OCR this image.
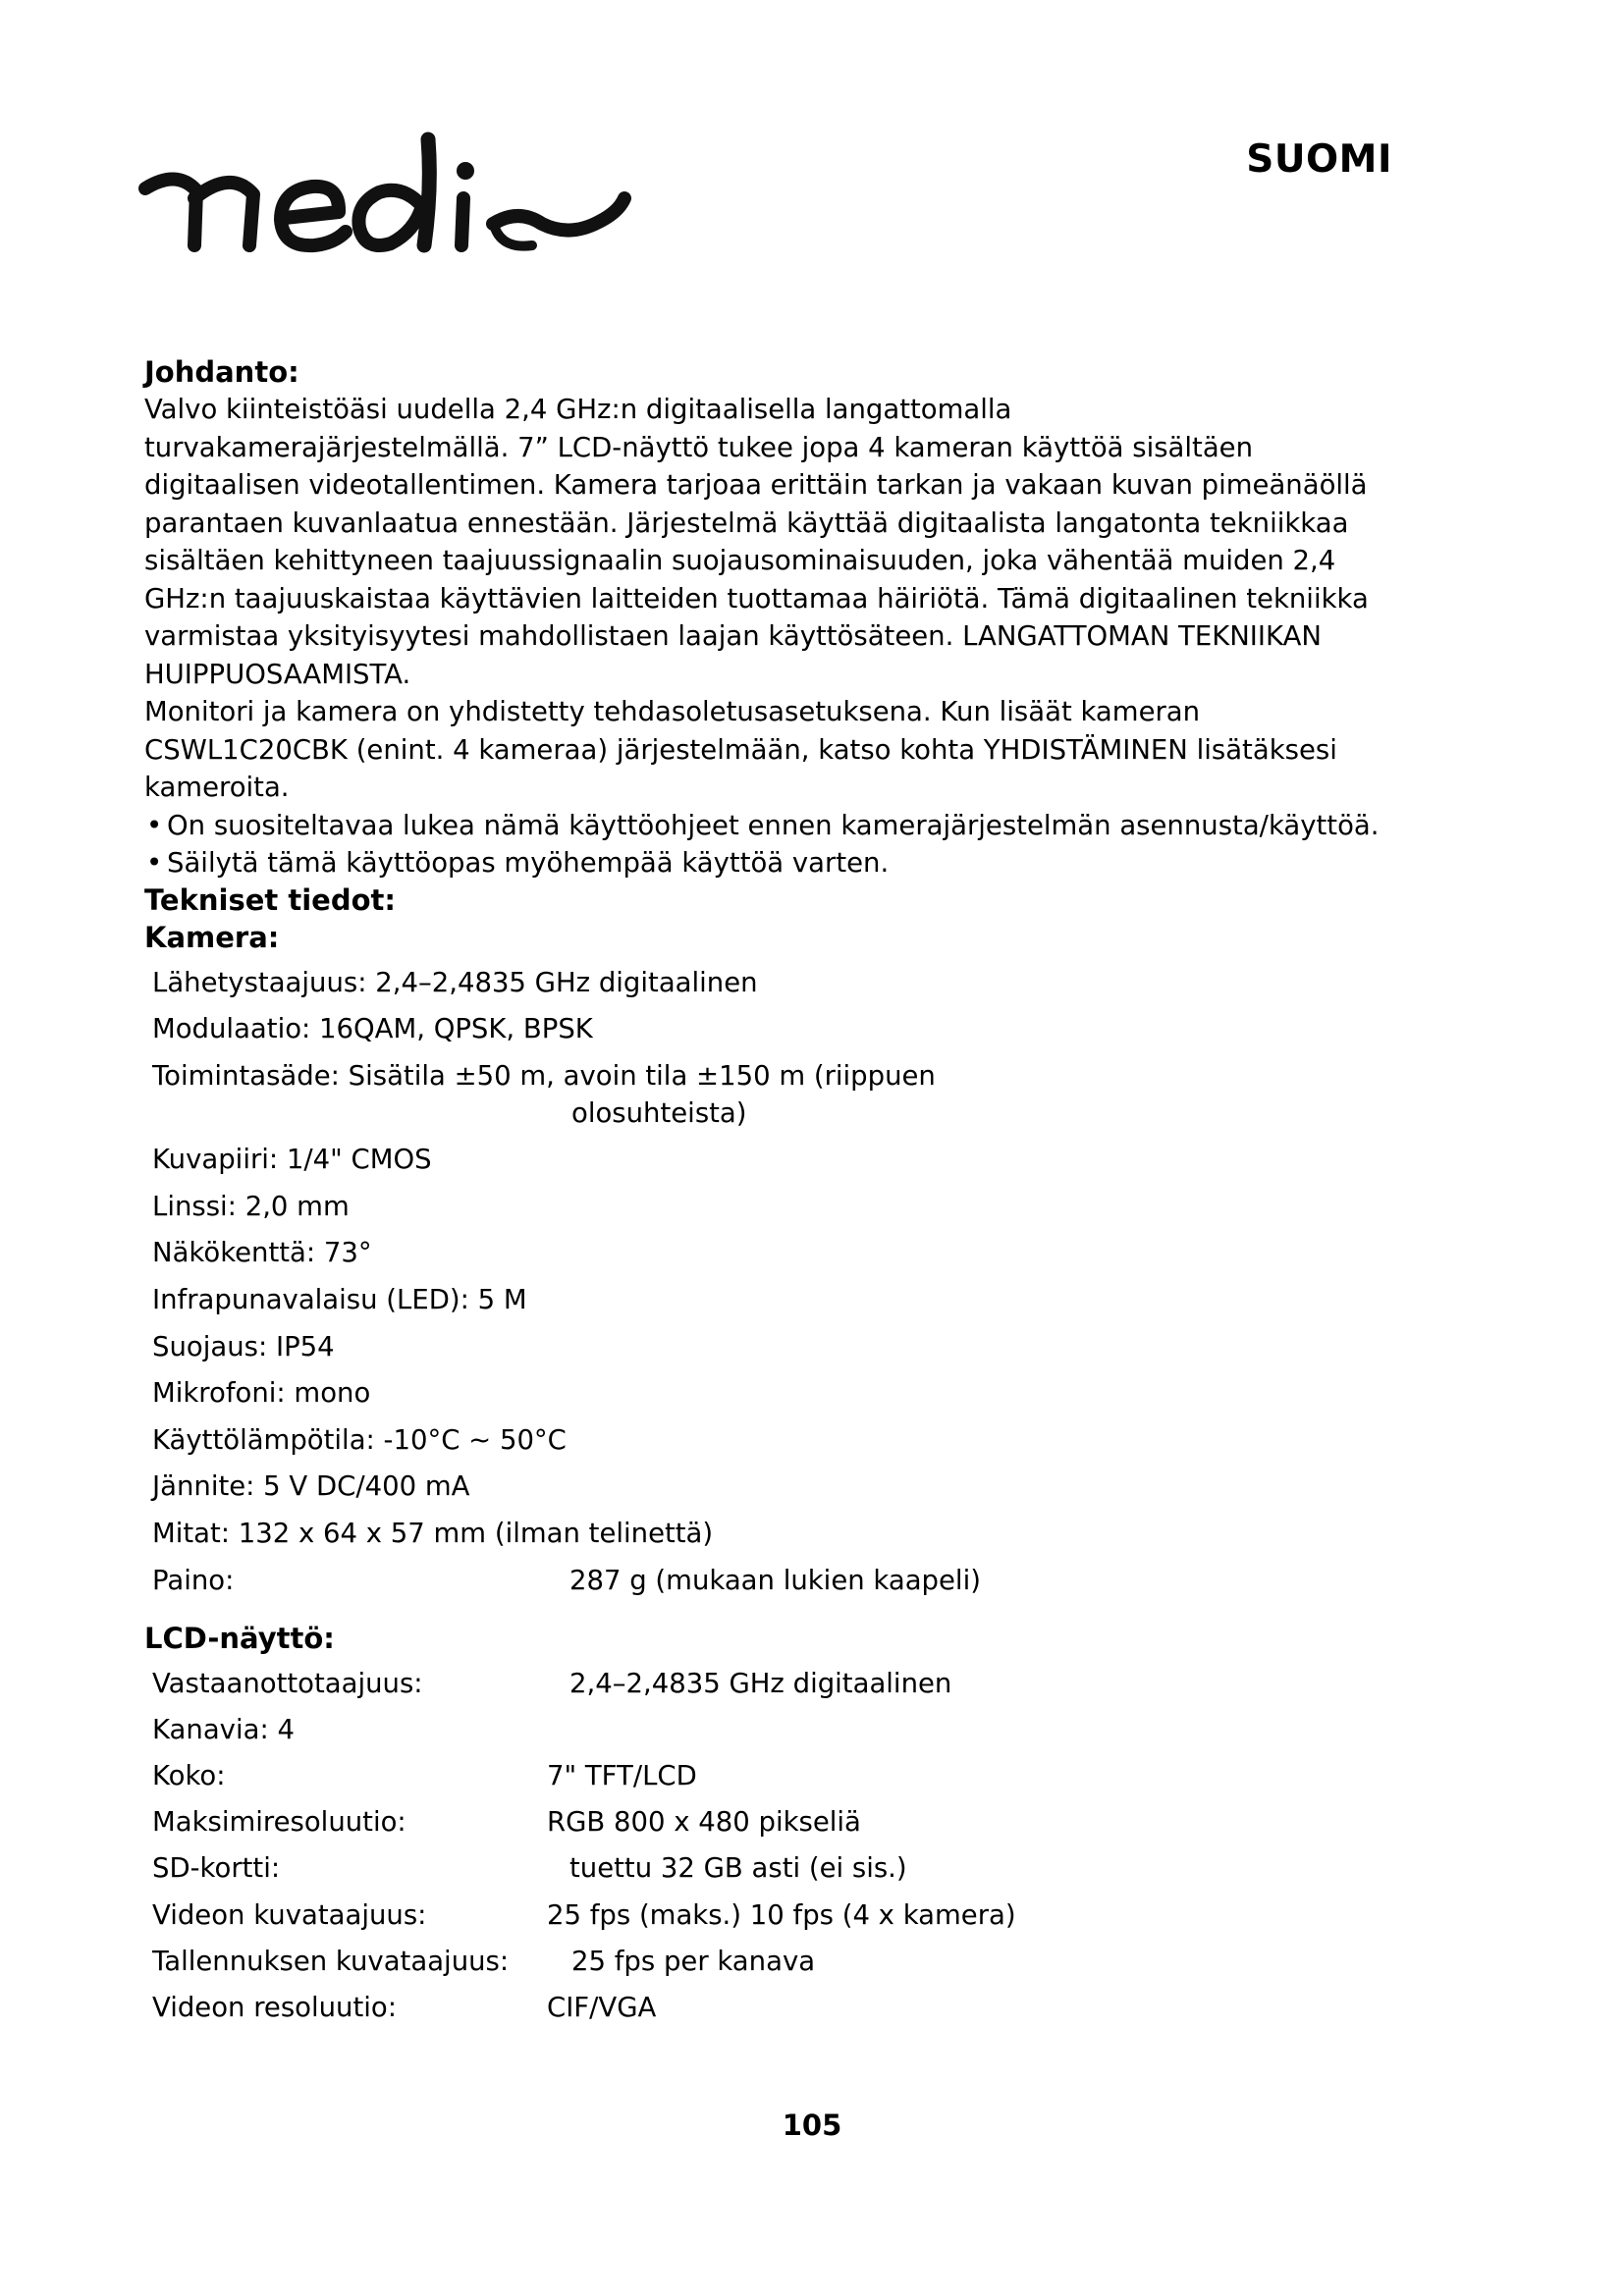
SUOMI
Johdanto:

Valvo kiinteistöäsi uudella 2,4 GHz:n digitaalisella langattomalla turvakamerajärjestelmällä. 7” LCD-näyttö tukee jopa 4 kameran käyttöä sisältäen digitaalisen videotallentimen. Kamera tarjoaa erittäin tarkan ja vakaan kuvan pimeänäöllä parantaen kuvanlaatua ennestään. Järjestelmä käyttää digitaalista langatonta tekniikkaa sisältäen kehittyneen taajuussignaalin suojausominaisuuden, joka vähentää muiden 2,4 GHz:n taajuuskaistaa käyttävien laitteiden tuottamaa häiriötä. Tämä digitaalinen tekniikka varmistaa yksityisyytesi mahdollistaen laajan käyttösäteen. LANGATTOMAN TEKNIIKAN HUIPPUOSAAMISTA.

Monitori ja kamera on yhdistetty tehdasoletusasetuksena. Kun lisäät kameran CSWL1C20CBK (enint. 4 kameraa) järjestelmään, katso kohta YHDISTÄMINEN lisätäksesi kameroita.

• On suositeltavaa lukea nämä käyttöohjeet ennen kamerajärjestelmän asennusta/käyttöä.
• Säilytä tämä käyttöopas myöhempää käyttöä varten.
Tekniset tiedot:
Kamera:
Lähetystaajuus: 2,4–2,4835 GHz digitaalinen
Modulaatio: 16QAM, QPSK, BPSK
Toimintasäde: Sisätila ±50 m, avoin tila ±150 m (riippuen
olosuhteista)
Kuvapiiri: 1/4" CMOS
Linssi: 2,0 mm
Näkökenttä: 73°
Infrapunavalaisu (LED): 5 M
Suojaus: IP54
Mikrofoni: mono
Käyttölämpötila: -10°C ~ 50°C
Jännite: 5 V DC/400 mA
Mitat: 132 x 64 x 57 mm (ilman telinettä)
Paino:	287 g (mukaan lukien kaapeli)
LCD-näyttö:
Vastaanottotaajuus:	2,4–2,4835 GHz digitaalinen
Kanavia: 4
Koko:	7" TFT/LCD
Maksimiresoluutio:	RGB 800 x 480 pikseliä
SD-kortti:	tuettu 32 GB asti (ei sis.)
Videon kuvataajuus:	25 fps (maks.) 10 fps (4 x kamera)
Tallennuksen kuvataajuus:	25 fps per kanava
Videon resoluutio:	CIF/VGA
105
